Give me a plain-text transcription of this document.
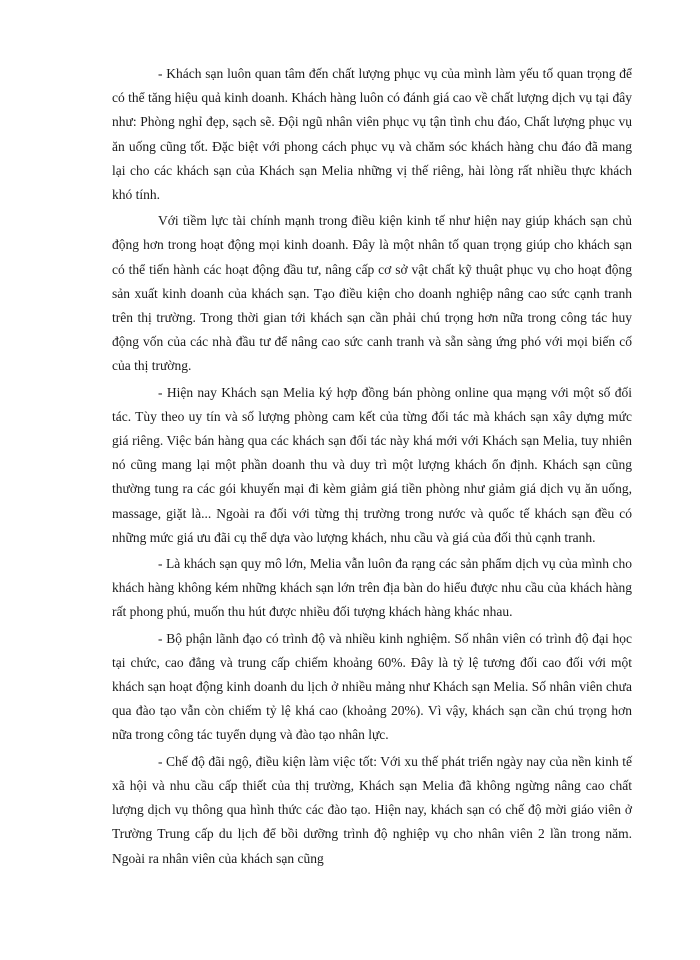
- Khách sạn luôn quan tâm đến chất lượng phục vụ của mình làm yếu tố quan trọng để có thể tăng hiệu quả kinh doanh. Khách hàng luôn có đánh giá cao về chất lượng dịch vụ tại đây như: Phòng nghỉ đẹp, sạch sẽ. Đội ngũ nhân viên phục vụ tận tình chu đáo, Chất lượng phục vụ ăn uống cũng tốt. Đặc biệt với phong cách phục vụ và chăm sóc khách hàng chu đáo đã mang lại cho các khách sạn của Khách sạn Melia những vị thế riêng, hài lòng rất nhiều thực khách khó tính.

Với tiềm lực tài chính mạnh trong điều kiện kinh tế như hiện nay giúp khách sạn chủ động hơn trong hoạt động mọi kinh doanh. Đây là một nhân tố quan trọng giúp cho khách sạn có thể tiến hành các hoạt động đầu tư, nâng cấp cơ sở vật chất kỹ thuật phục vụ cho hoạt động sản xuất kinh doanh của khách sạn. Tạo điều kiện cho doanh nghiệp nâng cao sức cạnh tranh trên thị trường. Trong thời gian tới khách sạn cần phải chú trọng hơn nữa trong công tác huy động vốn của các nhà đầu tư để nâng cao sức canh tranh và sẵn sàng ứng phó với mọi biến cố của thị trường.

- Hiện nay Khách sạn Melia ký hợp đồng bán phòng online qua mạng với một số đối tác. Tùy theo uy tín và số lượng phòng cam kết của từng đối tác mà khách sạn xây dựng mức giá riêng. Việc bán hàng qua các khách sạn đối tác này khá mới với Khách sạn Melia, tuy nhiên nó cũng mang lại một phần doanh thu và duy trì một lượng khách ổn định. Khách sạn cũng thường tung ra các gói khuyến mại đi kèm giảm giá tiền phòng như giảm giá dịch vụ ăn uống, massage, giặt là... Ngoài ra đối với từng thị trường trong nước và quốc tế khách sạn đều có những mức giá ưu đãi cụ thể dựa vào lượng khách, nhu cầu và giá của đối thủ cạnh tranh.

- Là khách sạn quy mô lớn, Melia vẫn luôn đa rạng các sản phẩm dịch vụ của mình cho khách hàng không kém những khách sạn lớn trên địa bàn do hiểu được nhu cầu của khách hàng rất phong phú, muốn thu hút được nhiều đối tượng khách hàng khác nhau.

- Bộ phận lãnh đạo có trình độ và nhiều kinh nghiệm. Số nhân viên có trình độ đại học tại chức, cao đẳng và trung cấp chiếm khoảng 60%. Đây là tỷ lệ tương đối cao đối với một khách sạn hoạt động kinh doanh du lịch ở nhiều mảng như Khách sạn Melia. Số nhân viên chưa qua đào tạo vẫn còn chiếm tỷ lệ khá cao (khoảng 20%). Vì vậy, khách sạn cần chú trọng hơn nữa trong công tác tuyển dụng và đào tạo nhân lực.

- Chế độ đãi ngộ, điều kiện làm việc tốt: Với xu thế phát triển ngày nay của nền kinh tế xã hội và nhu cầu cấp thiết của thị trường, Khách sạn Melia đã không ngừng nâng cao chất lượng dịch vụ thông qua hình thức các đào tạo. Hiện nay, khách sạn có chế độ mời giáo viên ở Trường Trung cấp du lịch để bồi dưỡng trình độ nghiệp vụ cho nhân viên 2 lần trong năm. Ngoài ra nhân viên của khách sạn cũng
